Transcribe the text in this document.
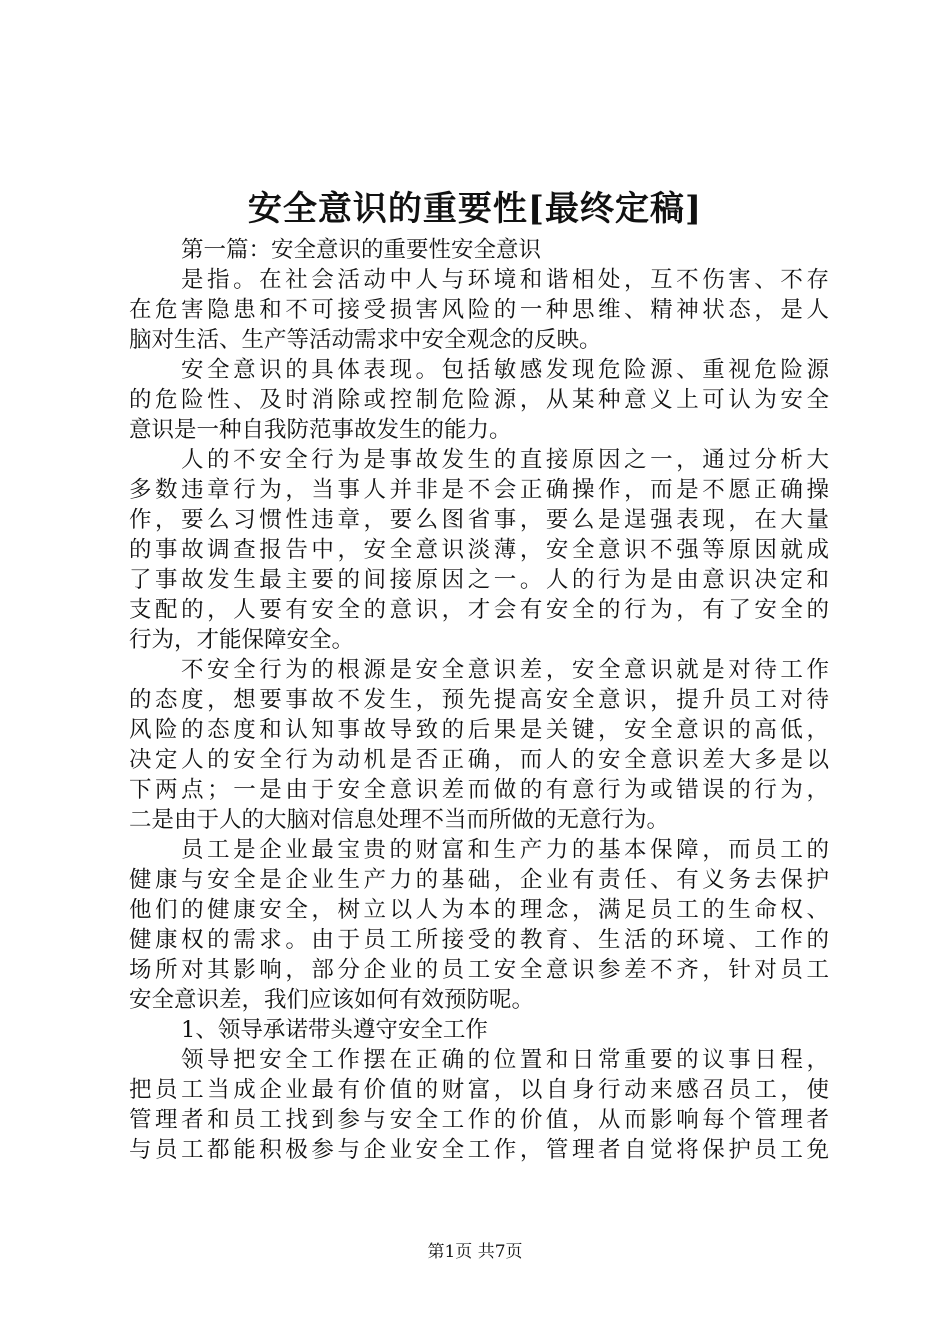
安全意识的重要性[最终定稿]
第一篇：安全意识的重要性安全意识
是指。在社会活动中人与环境和谐相处，互不伤害、不存
在危害隐患和不可接受损害风险的一种思维、精神状态，是人
脑对生活、生产等活动需求中安全观念的反映。
安全意识的具体表现。包括敏感发现危险源、重视危险源
的危险性、及时消除或控制危险源，从某种意义上可认为安全
意识是一种自我防范事故发生的能力。
人的不安全行为是事故发生的直接原因之一，通过分析大
多数违章行为，当事人并非是不会正确操作，而是不愿正确操
作，要么习惯性违章，要么图省事，要么是逞强表现，在大量
的事故调查报告中，安全意识淡薄，安全意识不强等原因就成
了事故发生最主要的间接原因之一。人的行为是由意识决定和
支配的，人要有安全的意识，才会有安全的行为，有了安全的
行为，才能保障安全。
不安全行为的根源是安全意识差，安全意识就是对待工作
的态度，想要事故不发生，预先提高安全意识，提升员工对待
风险的态度和认知事故导致的后果是关键，安全意识的高低，
决定人的安全行为动机是否正确，而人的安全意识差大多是以
下两点；一是由于安全意识差而做的有意行为或错误的行为，
二是由于人的大脑对信息处理不当而所做的无意行为。
员工是企业最宝贵的财富和生产力的基本保障，而员工的
健康与安全是企业生产力的基础，企业有责任、有义务去保护
他们的健康安全，树立以人为本的理念，满足员工的生命权、
健康权的需求。由于员工所接受的教育、生活的环境、工作的
场所对其影响，部分企业的员工安全意识参差不齐，针对员工
安全意识差，我们应该如何有效预防呢。
1、领导承诺带头遵守安全工作
领导把安全工作摆在正确的位置和日常重要的议事日程，
把员工当成企业最有价值的财富，以自身行动来感召员工，使
管理者和员工找到参与安全工作的价值，从而影响每个管理者
与员工都能积极参与企业安全工作，管理者自觉将保护员工免
第1页 共7页
